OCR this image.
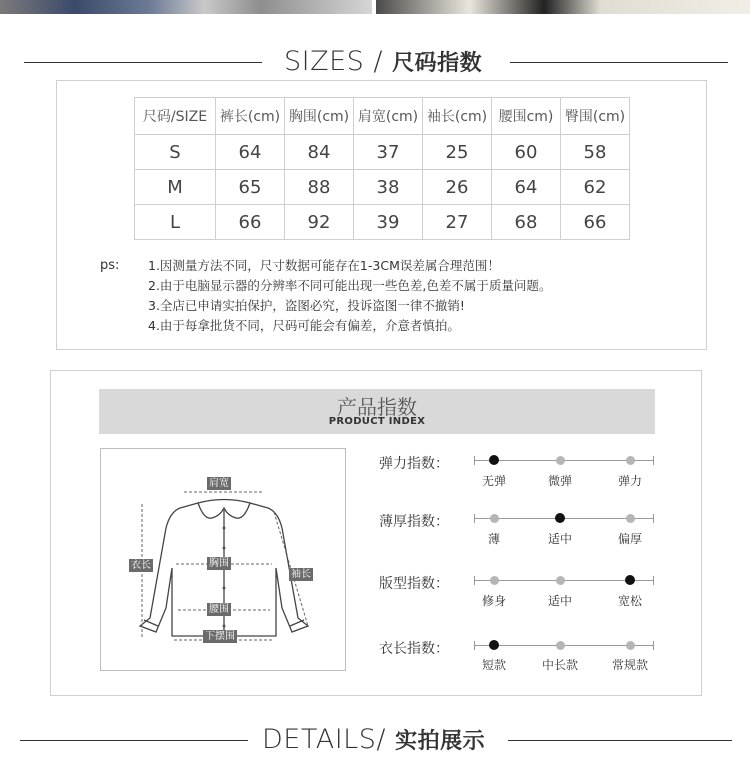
SIZES / 尺码指数
尺码/SIZE	裤长(cm)	胸围(cm)	肩宽(cm)	袖长(cm)	腰围cm)	臀围(cm)
S	64	84	37	25	60	58
M	65	88	38	26	64	62
L	66	92	39	27	68	66
ps: 1.因测量方法不同，尺寸数据可能存在1-3CM误差属合理范围！
2.由于电脑显示器的分辨率不同可能出现一些色差,色差不属于质量问题。
3.全店已申请实拍保护，盗图必究，投诉盗图一律不撤销!
4.由于每拿批货不同，尺码可能会有偏差，介意者慎拍。
产品指数
PRODUCT INDEX
肩宽
衣长	胸围
袖长
腰围
下摆围
弹力指数：
无弹	微弹	弹力
薄厚指数：
薄	适中	偏厚
版型指数：
修身	适中	宽松
衣长指数：
短款	中长款	常规款
DETAILS/ 实拍展示
